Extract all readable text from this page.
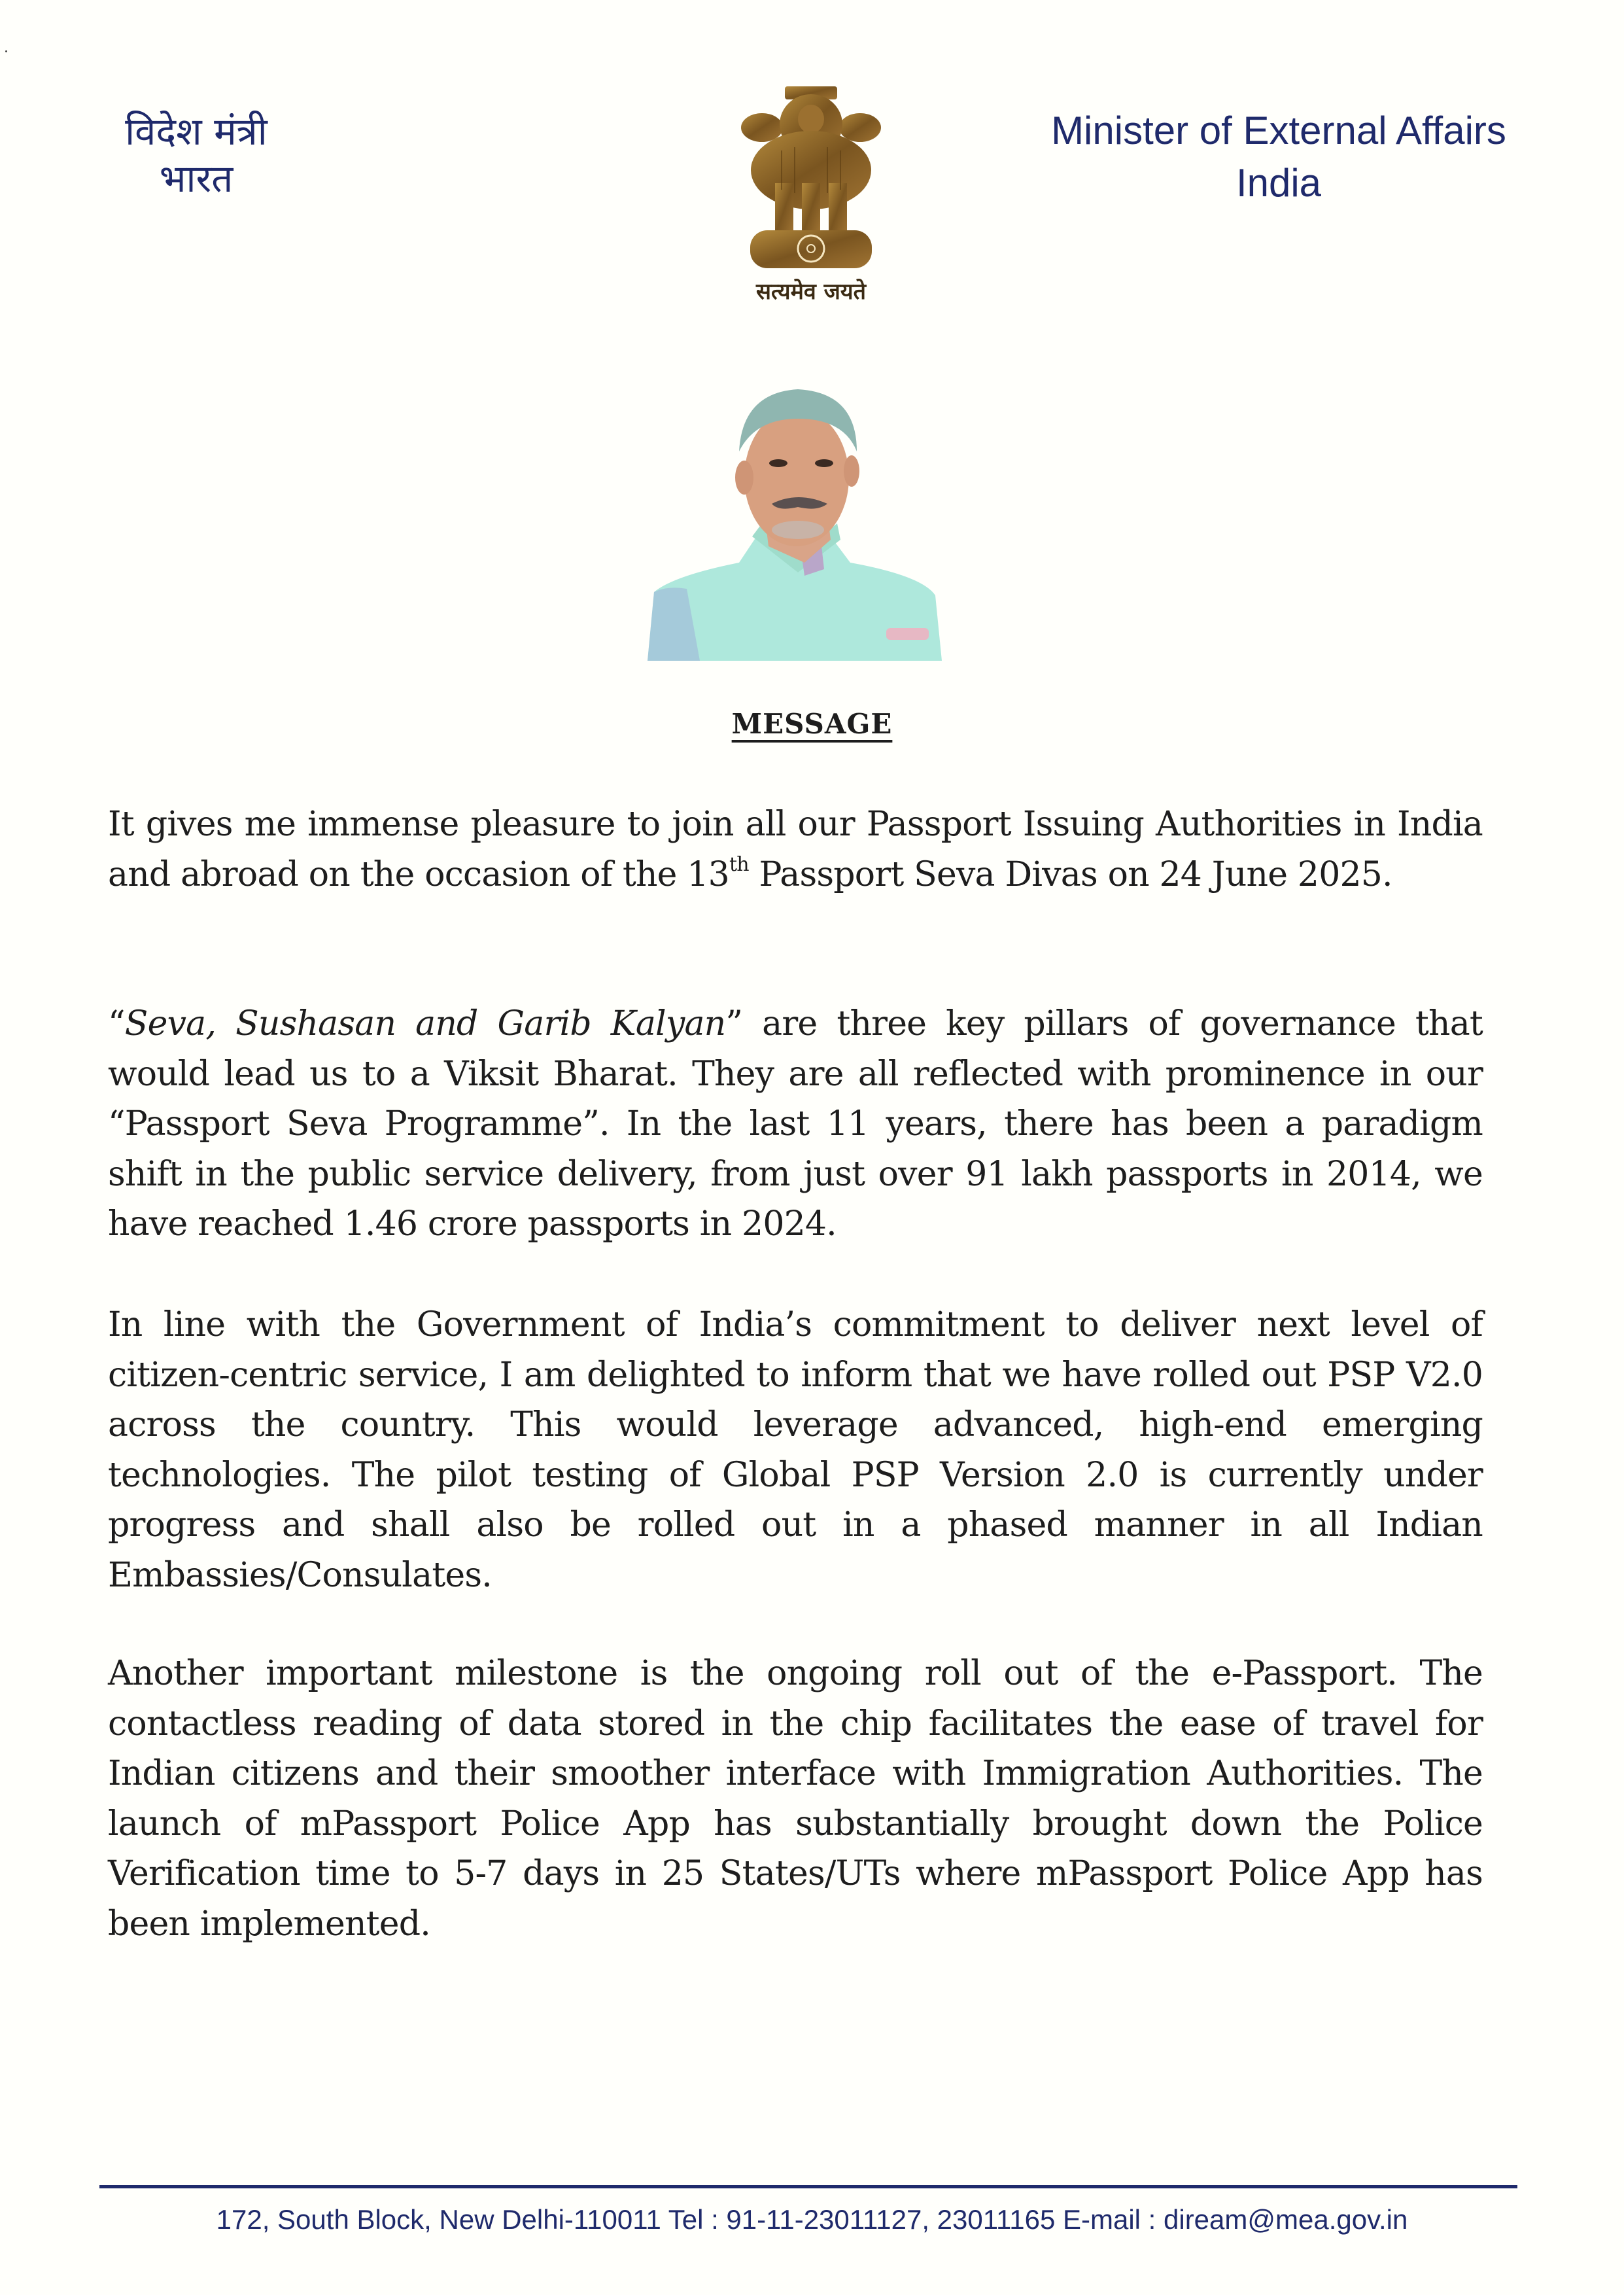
विदेश मंत्री
भारत
सत्यमेव जयते
Minister of External Affairs
India
MESSAGE

It gives me immense pleasure to join all our Passport Issuing Authorities in India and abroad on the occasion of the 13th Passport Seva Divas on 24 June 2025.

“Seva, Sushasan and Garib Kalyan” are three key pillars of governance that would lead us to a Viksit Bharat. They are all reflected with prominence in our “Passport Seva Programme”. In the last 11 years, there has been a paradigm shift in the public service delivery, from just over 91 lakh passports in 2014, we have reached 1.46 crore passports in 2024.

In line with the Government of India’s commitment to deliver next level of citizen-centric service, I am delighted to inform that we have rolled out PSP V2.0 across the country. This would leverage advanced, high-end emerging technologies. The pilot testing of Global PSP Version 2.0 is currently under progress and shall also be rolled out in a phased manner in all Indian Embassies/Consulates.

Another important milestone is the ongoing roll out of the e-Passport. The contactless reading of data stored in the chip facilitates the ease of travel for Indian citizens and their smoother interface with Immigration Authorities. The launch of mPassport Police App has substantially brought down the Police Verification time to 5-7 days in 25 States/UTs where mPassport Police App has been implemented.

172, South Block, New Delhi-110011 Tel : 91-11-23011127, 23011165 E-mail : diream@mea.gov.in
